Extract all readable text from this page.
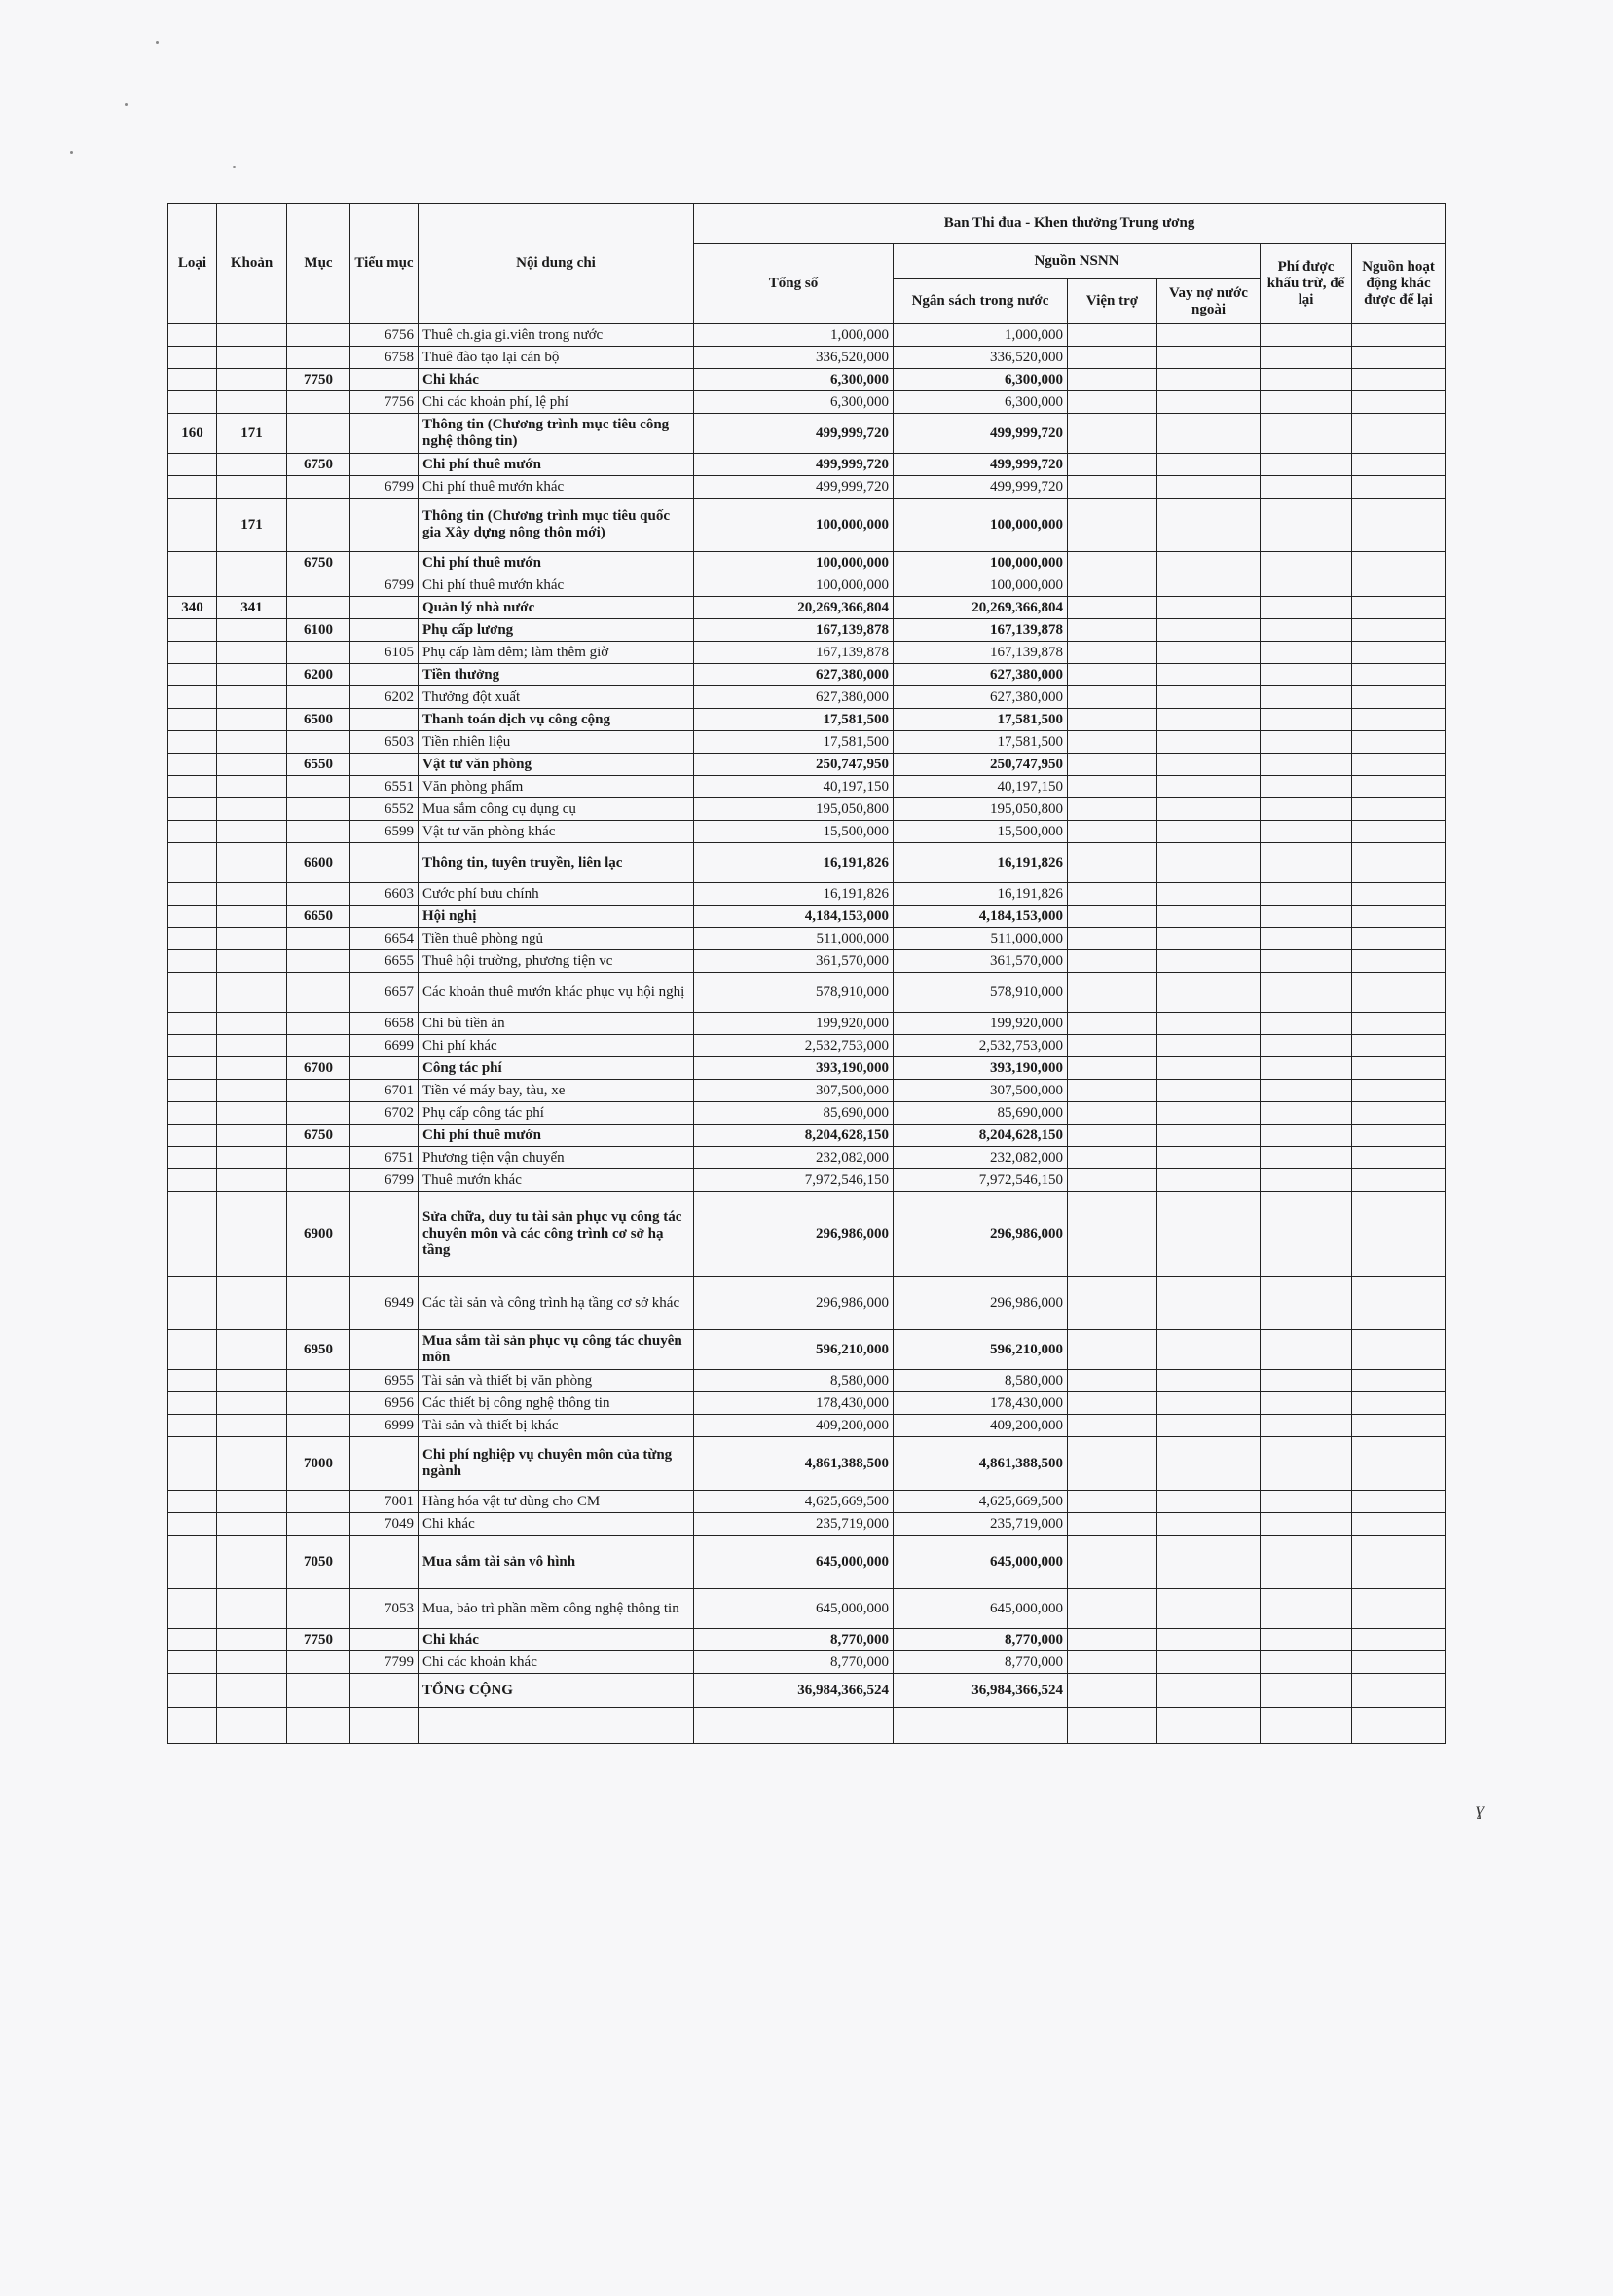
Loại	Khoản	Mục	Tiểu mục	Nội dung chi	Ban Thi đua - Khen thưởng Trung ương					
					Tổng số	Nguồn NSNN			Phí được khấu trừ, để lại	Nguồn hoạt động khác được để lại
						Ngân sách trong nước	Viện trợ	Vay nợ nước ngoài		
			6756	Thuê ch.gia gi.viên trong nước	1,000,000	1,000,000				
			6758	Thuê đào tạo lại cán bộ	336,520,000	336,520,000				
		7750		Chi khác	6,300,000	6,300,000				
			7756	Chi các khoản phí, lệ phí	6,300,000	6,300,000				
160	171			Thông tin (Chương trình mục tiêu công nghệ thông tin)	499,999,720	499,999,720				
		6750		Chi phí thuê mướn	499,999,720	499,999,720				
			6799	Chi phí thuê mướn khác	499,999,720	499,999,720				
	171			Thông tin (Chương trình mục tiêu quốc gia Xây dựng nông thôn mới)	100,000,000	100,000,000				
		6750		Chi phí thuê mướn	100,000,000	100,000,000				
			6799	Chi phí thuê mướn khác	100,000,000	100,000,000				
340	341			Quản lý nhà nước	20,269,366,804	20,269,366,804				
		6100		Phụ cấp lương	167,139,878	167,139,878				
			6105	Phụ cấp làm đêm; làm thêm giờ	167,139,878	167,139,878				
		6200		Tiền thưởng	627,380,000	627,380,000				
			6202	Thưởng đột xuất	627,380,000	627,380,000				
		6500		Thanh toán dịch vụ công cộng	17,581,500	17,581,500				
			6503	Tiền nhiên liệu	17,581,500	17,581,500				
		6550		Vật tư văn phòng	250,747,950	250,747,950				
			6551	Văn phòng phẩm	40,197,150	40,197,150				
			6552	Mua sắm công cụ dụng cụ	195,050,800	195,050,800				
			6599	Vật tư văn phòng khác	15,500,000	15,500,000				
		6600		Thông tin, tuyên truyền, liên lạc	16,191,826	16,191,826				
			6603	Cước phí bưu chính	16,191,826	16,191,826				
		6650		Hội nghị	4,184,153,000	4,184,153,000				
			6654	Tiền thuê phòng ngủ	511,000,000	511,000,000				
			6655	Thuê hội trường, phương tiện vc	361,570,000	361,570,000				
			6657	Các khoản thuê mướn khác phục vụ hội nghị	578,910,000	578,910,000				
			6658	Chi bù tiền ăn	199,920,000	199,920,000				
			6699	Chi phí khác	2,532,753,000	2,532,753,000				
		6700		Công tác phí	393,190,000	393,190,000				
			6701	Tiền vé máy bay, tàu, xe	307,500,000	307,500,000				
			6702	Phụ cấp công tác phí	85,690,000	85,690,000				
		6750		Chi phí thuê mướn	8,204,628,150	8,204,628,150				
			6751	Phương tiện vận chuyển	232,082,000	232,082,000				
			6799	Thuê mướn khác	7,972,546,150	7,972,546,150				
		6900		Sửa chữa, duy tu tài sản phục vụ công tác chuyên môn và các công trình cơ sở hạ tầng	296,986,000	296,986,000				
			6949	Các tài sản và công trình hạ tầng cơ sở khác	296,986,000	296,986,000				
		6950		Mua sắm tài sản phục vụ công tác chuyên môn	596,210,000	596,210,000				
			6955	Tài sản và thiết bị văn phòng	8,580,000	8,580,000				
			6956	Các thiết bị công nghệ thông tin	178,430,000	178,430,000				
			6999	Tài sản và thiết bị khác	409,200,000	409,200,000				
		7000		Chi phí nghiệp vụ chuyên môn của từng ngành	4,861,388,500	4,861,388,500				
			7001	Hàng hóa vật tư dùng cho CM	4,625,669,500	4,625,669,500				
			7049	Chi khác	235,719,000	235,719,000				
		7050		Mua sắm tài sản vô hình	645,000,000	645,000,000				
			7053	Mua, bảo trì phần mềm công nghệ thông tin	645,000,000	645,000,000				
		7750		Chi khác	8,770,000	8,770,000				
			7799	Chi các khoản khác	8,770,000	8,770,000				
				TỔNG CỘNG	36,984,366,524	36,984,366,524				

ɣ
